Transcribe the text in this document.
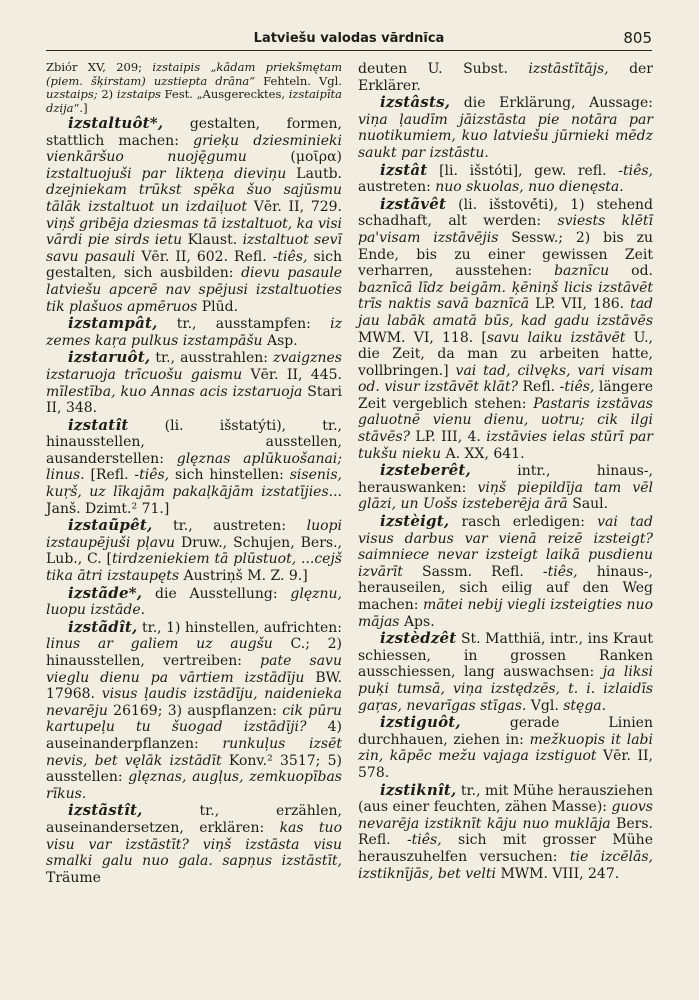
Latviešu valodas vārdnīca	805

Zbiór XV, 209; izstaipis „kādam priekšmętam (piem. šķirstam) uzstiepta drāna“ Fehteln. Vgl. uzstaips; 2) izstaips Fest. „Ausgerecktes, izstaipīta dzija“.]

izstaltuôt*, gestalten, formen, stattlich machen: grieķu dziesminieki vienkāršuo nuoję̄gumu (μοῖρα) izstaltuojuši par likteņa dieviņu Lautb. dzejniekam trūkst spēka šuo sajūsmu tālāk izstaltuot un izdaiļuot Vēr. II, 729. viņš gribēja dziesmas tā izstaltuot, ka visi vārdi pie sirds ietu Klaust. izstaltuot sevī savu pasauli Vēr. II, 602. Refl. -tiês, sich gestalten, sich ausbilden: dievu pasaule latviešu apcerē nav spējusi izstaltuoties tik plašuos apmēruos Plūd.

izstampât, tr., ausstampfen: iz zemes kaŗa pulkus izstampāšu Asp.

izstaruôt, tr., ausstrahlen: zvaigznes izstaruoja trīcuošu gaismu Vēr. II, 445. mīlestība, kuo Annas acis izstaruoja Stari II, 348.

izstatît (li. išstatýti), tr., hinausstellen, ausstellen, ausanderstellen: glęznas aplūkuošanai; linus. [Refl. -tiês, sich hinstellen: sisenis, kuŗš, uz līkajām pakaļkājām izstatījies... Janš. Dzimt.² 71.]

izstaũpêt, tr., austreten: luopi izstaupējuši pļavu Druw., Schujen, Bers., Lub., C. [tirdzeniekiem tā plūstuot, ...cejš tika ātri izstaupęts Austriņš M. Z. 9.]

izstãde*, die Ausstellung: glęznu, luopu izstāde.

izstãdît, tr., 1) hinstellen, aufrichten: linus ar galiem uz augšu C.; 2) hinausstellen, vertreiben: pate savu vieglu dienu pa vārtiem izstādīju BW. 17968. visus ļaudis izstādīju, naidenieka nevarēju 26169; 3) auspflanzen: cik pūru kartupeļu tu šuogad izstādīji? 4) auseinanderpflanzen: runkuļus izsēt nevis, bet vęlāk izstādīt Konv.² 3517; 5) ausstellen: glęznas, augļus, zemkuopības rīkus.

izstãstît, tr., erzählen, auseinandersetzen, erklären: kas tuo visu var izstāstīt? viņš izstāsta visu smalki galu nuo gala. sapņus izstāstīt, Träume

deuten U. Subst. izstāstītājs, der Erklärer.

izstâsts, die Erklärung, Aussage: viņa ļaudīm jāizstāsta pie notāra par nuotikumiem, kuo latviešu jūrnieki mēdz saukt par izstāstu.

izstât [li. išstóti], gew. refl. -tiês, austreten: nuo skuolas, nuo dienęsta.

izstãvêt (li. išstovė́ti), 1) stehend schadhaft, alt werden: sviests klētī pa'visam izstāvējis Sessw.; 2) bis zu Ende, bis zu einer gewissen Zeit verharren, ausstehen: baznīcu od. baznīcā līdz beigām. ķēniņš licis izstāvēt trīs naktis savā baznīcā LP. VII, 186. tad jau labāk amatā būs, kad gadu izstāvēs MWM. VI, 118. [savu laiku izstāvēt U., die Zeit, da man zu arbeiten hatte, vollbringen.] vai tad, cilvęks, vari visam od. visur izstāvēt klāt? Refl. -tiês, längere Zeit vergeblich stehen: Pastaris izstāvas galuotnē vienu dienu, uotru; cik ilgi stāvēs? LP. III, 4. izstāvies ielas stūrī par tukšu nieku A. XX, 641.

izsteberêt, intr., hinaus-, herauswanken: viņš piepildīja tam vēl glāzi, un Uošs izsteberēja ārā Saul.

izstèigt, rasch erledigen: vai tad visus darbus var vienā reizē izsteigt? saimniece nevar izsteigt laikā pusdienu izvārīt Sassm. Refl. -tiês, hinaus-, herauseilen, sich eilig auf den Weg machen: mātei nebij viegli izsteigties nuo mājas Aps.

izstèdzêt St. Matthiä, intr., ins Kraut schiessen, in grossen Ranken ausschiessen, lang auswachsen: ja liksi puķi tumsā, viņa izstędzēs, t. i. izlaidīs gaŗas, nevarīgas stīgas. Vgl. stęga.

izstiguôt, gerade Linien durchhauen, ziehen in: mežkuopis it labi zin, kāpēc mežu vajaga izstiguot Vēr. II, 578.

izstiknît, tr., mit Mühe herausziehen (aus einer feuchten, zähen Masse): guovs nevarēja izstiknīt kāju nuo muklāja Bers. Refl. -tiês, sich mit grosser Mühe herauszuhelfen versuchen: tie izcēlās, izstiknījās, bet velti MWM. VIII, 247.
